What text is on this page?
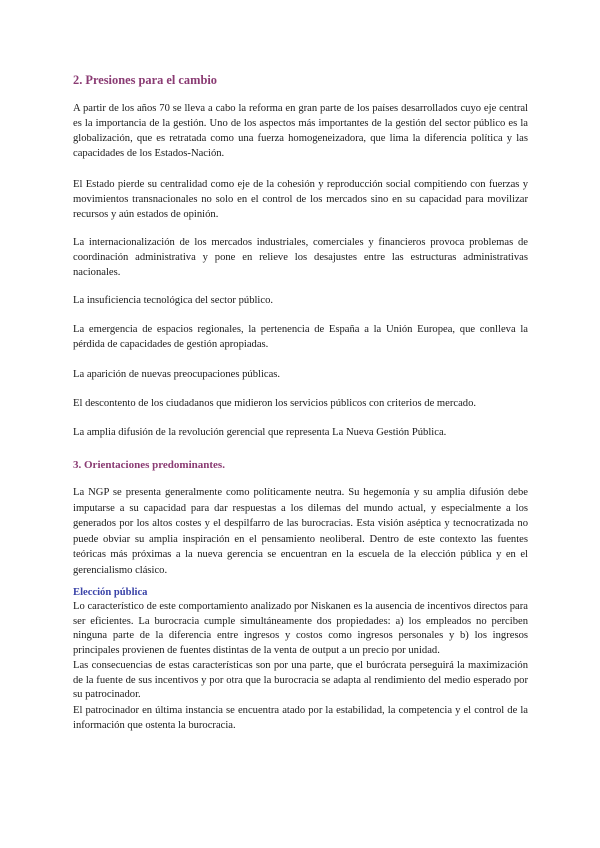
2. Presiones para el cambio

A partir de los años 70 se lleva a cabo la reforma en gran parte de los países desarrollados cuyo eje central es la importancia de la gestión. Uno de los aspectos más importantes de la gestión del sector público es la globalización, que es retratada como una fuerza homogeneizadora, que lima la diferencia política y las capacidades de los Estados-Nación.

El Estado pierde su centralidad como eje de la cohesión y reproducción social compitiendo con fuerzas y movimientos transnacionales no solo en el control de los mercados sino en su capacidad para movilizar recursos y aún estados de opinión.

La internacionalización de los mercados industriales, comerciales y financieros provoca problemas de coordinación administrativa y pone en relieve los desajustes entre las estructuras administrativas nacionales.

La insuficiencia tecnológica del sector público.

La emergencia de espacios regionales, la pertenencia de España a la Unión Europea, que conlleva la pérdida de capacidades de gestión apropiadas.

La aparición de nuevas preocupaciones públicas.

El descontento de los ciudadanos que midieron los servicios públicos con criterios de mercado.

La amplia difusión de la revolución gerencial que representa La Nueva Gestión Pública.

3. Orientaciones predominantes.

La NGP se presenta generalmente como políticamente neutra. Su hegemonía y su amplia difusión debe imputarse a su capacidad para dar respuestas a los dilemas del mundo actual, y especialmente a los generados por los altos costes y el despilfarro de las burocracias. Esta visión aséptica y tecnocratizada no puede obviar su amplia inspiración en el pensamiento neoliberal. Dentro de este contexto las fuentes teóricas más próximas a la nueva gerencia se encuentran en la escuela de la elección pública y en el gerencialismo clásico.

Elección pública

Lo característico de este comportamiento analizado por Niskanen es la ausencia de incentivos directos para ser eficientes. La burocracia cumple simultáneamente dos propiedades: a) los empleados no perciben ninguna parte de la diferencia entre ingresos y costos como ingresos personales y b) los ingresos principales provienen de fuentes distintas de la venta de output a un precio por unidad.

Las consecuencias de estas características son por una parte, que el burócrata perseguirá la maximización de la fuente de sus incentivos y por otra que la burocracia se adapta al rendimiento del medio esperado por su patrocinador.

El patrocinador en última instancia se encuentra atado por la estabilidad, la competencia y el control de la información que ostenta la burocracia.
